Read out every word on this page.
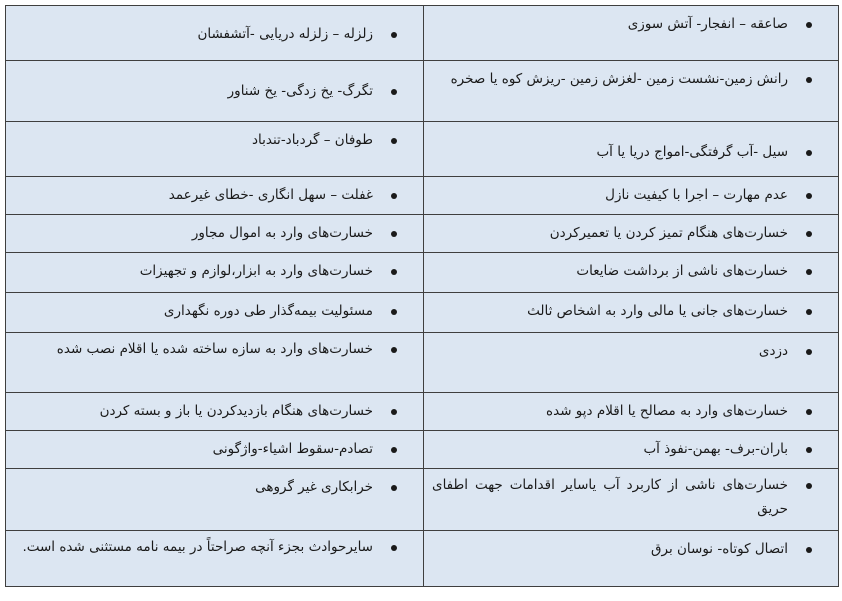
صاعقه – انفجار- آتش سوزی	زلزله – زلزله دریایی -آتشفشان

رانش زمین-نشست زمین -لغزش زمین -ریزش کوه یا صخره	تگرگ- یخ زدگی- یخ شناور

سیل -آب گرفتگی-امواج دریا یا آب	طوفان – گردباد-تندباد

عدم مهارت – اجرا با کیفیت نازل	غفلت – سهل انگاری -خطای غیرعمد

خسارت‌های هنگام تمیز کردن یا تعمیرکردن	خسارت‌های وارد به اموال مجاور

خسارت‌های ناشی از برداشت ضایعات	خسارت‌های وارد به ابزار،لوازم و تجهیزات

خسارت‌های جانی یا مالی وارد به اشخاص ثالث	مسئولیت بیمه‌گذار طی دوره نگهداری

دزدی	خسارت‌های وارد به سازه ساخته شده یا اقلام نصب شده

خسارت‌های وارد به مصالح یا اقلام دپو شده	خسارت‌های هنگام بازدیدکردن یا باز و بسته کردن

باران-برف- بهمن-نفوذ آب	تصادم-سقوط اشیاء-واژگونی

خسارت‌های ناشی از کاربرد آب یاسایر اقدامات جهت اطفای حریق	خرابکاری غیر گروهی

اتصال کوتاه- نوسان برق	سایرحوادث بجزء آنچه صراحتاً در بیمه نامه مستثنی شده است.
